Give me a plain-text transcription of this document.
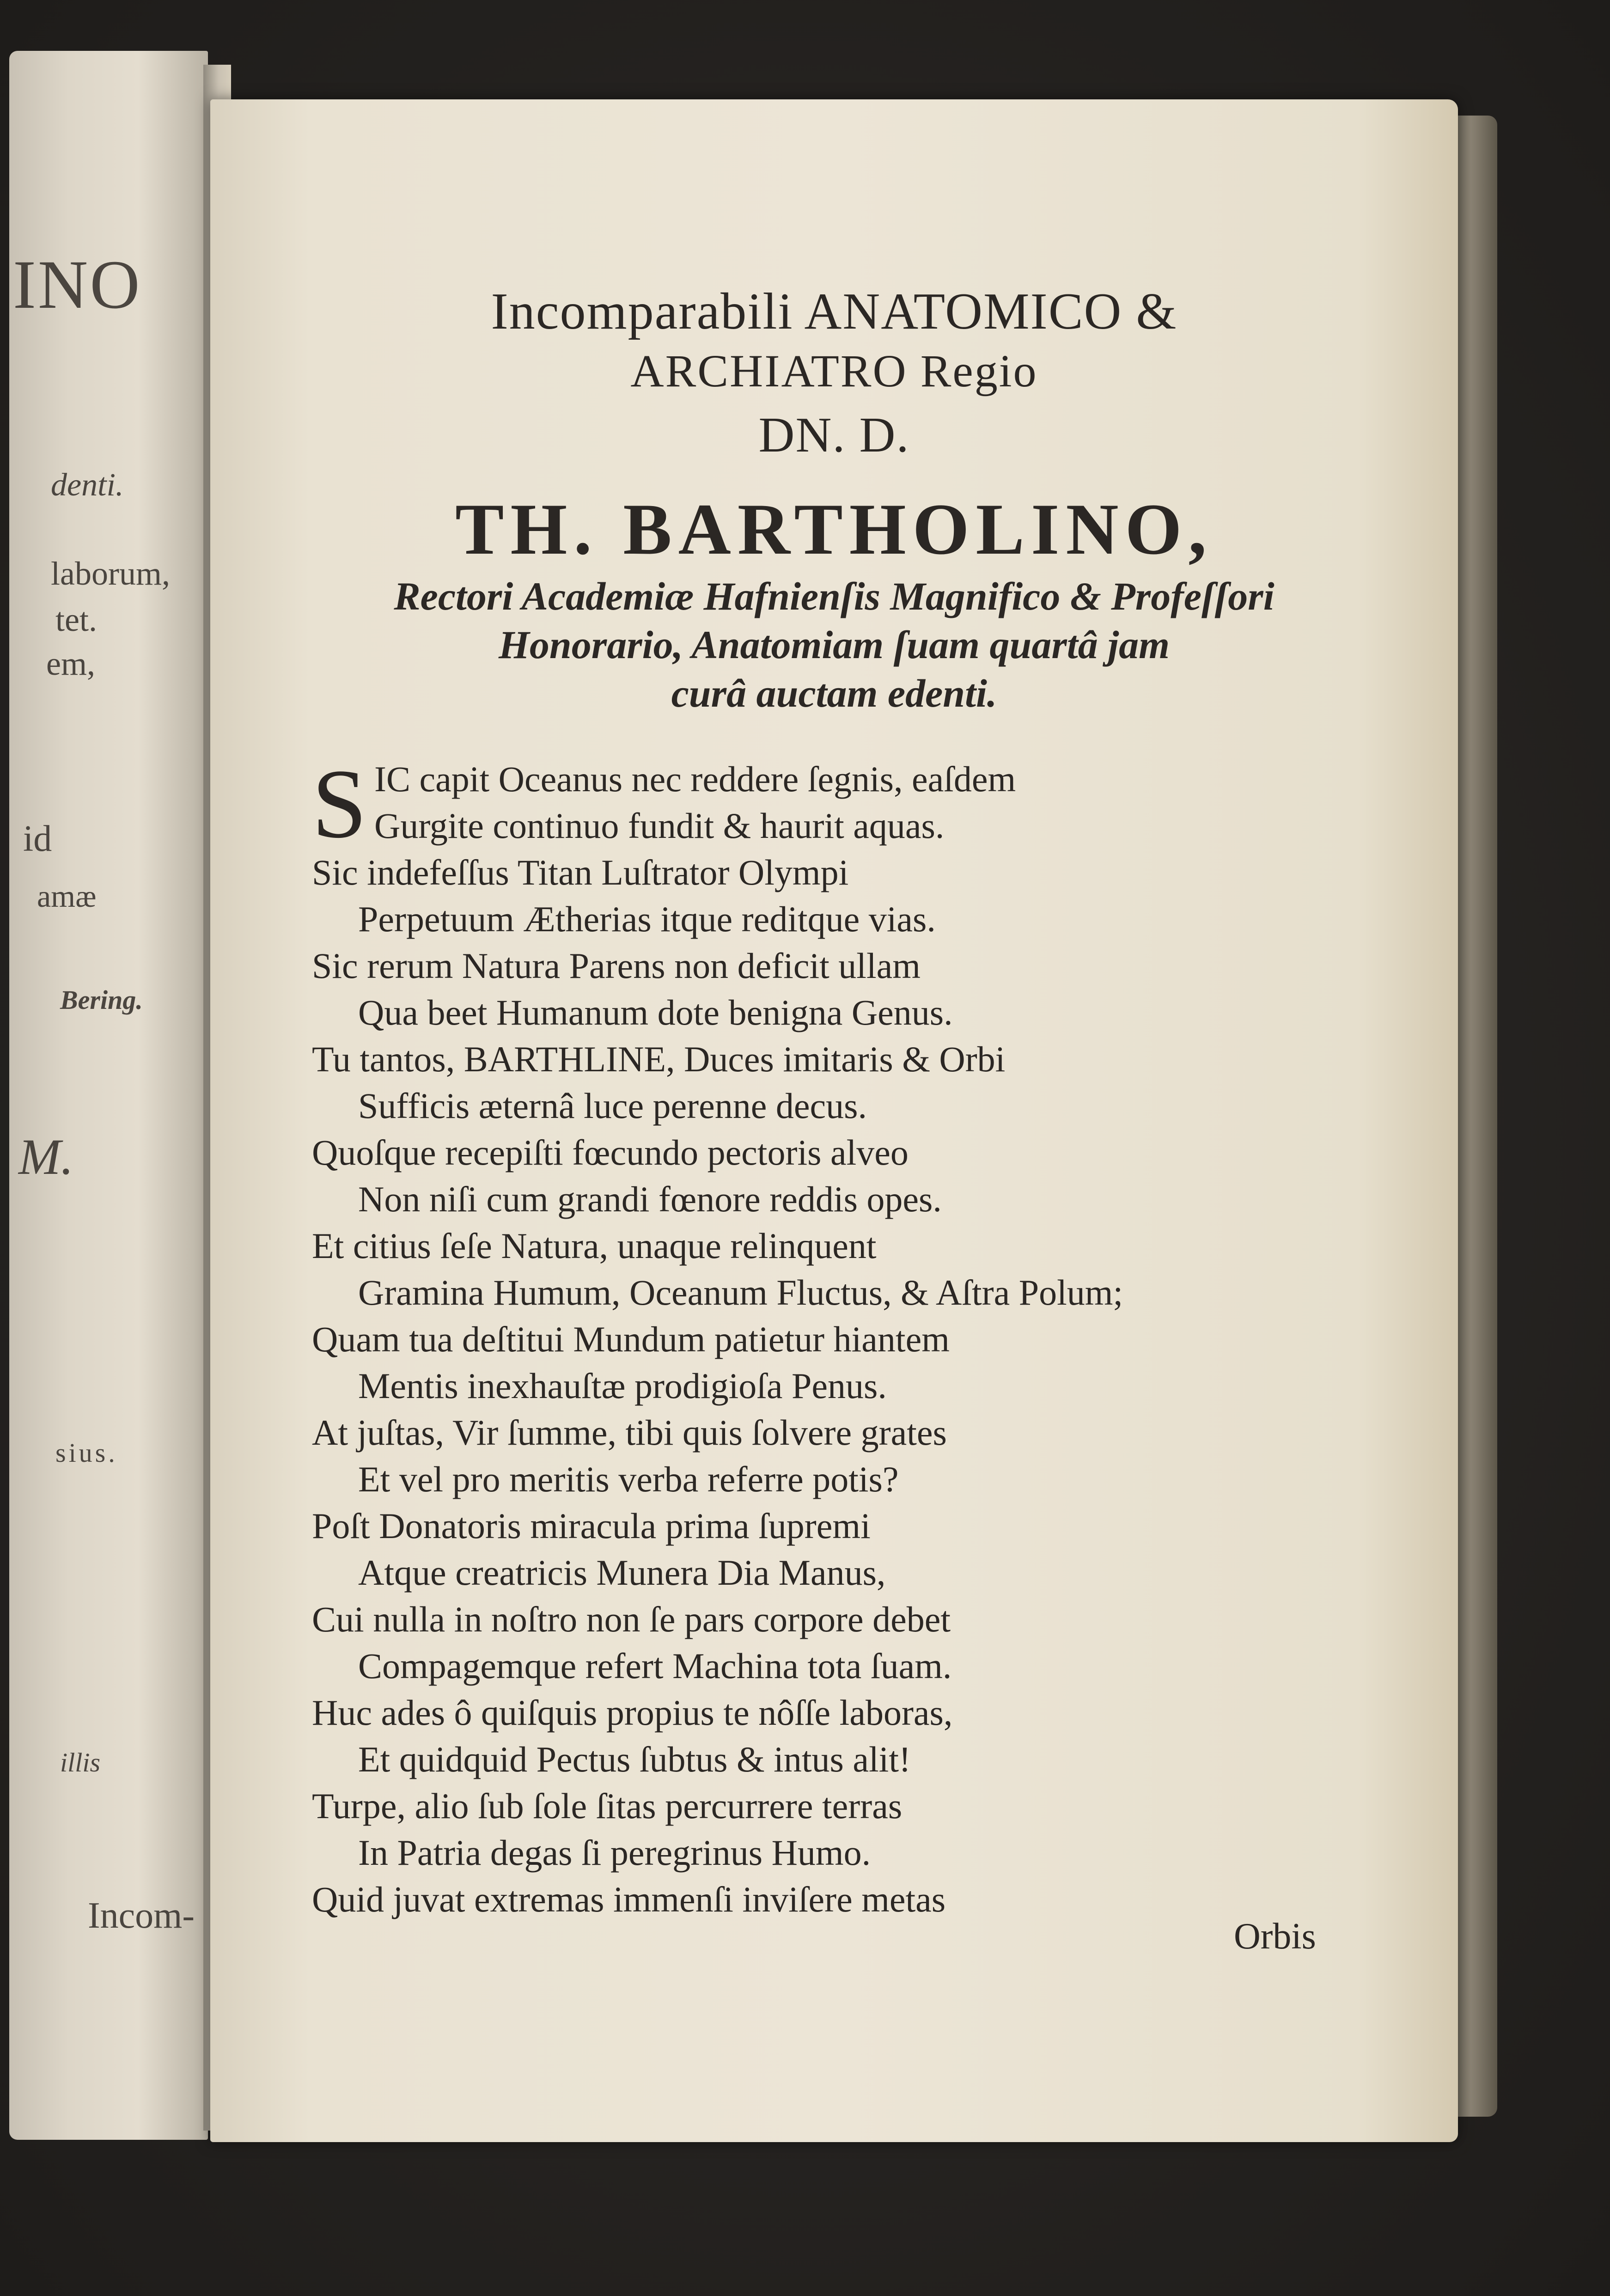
INO
denti.
laborum,
tet.
em,
id
amæ
Bering.
M.
sius.
illis
Incom-
Incomparabili ANATOMICO &
ARCHIATRO Regio
DN. D.
TH. BARTHOLINO,
Rectori Academiæ Hafnienſis Magnifico & Profeſſori
Honorario, Anatomiam ſuam quartâ jam
curâ auctam edenti.
S IC capit Oceanus nec reddere ſegnis, eaſdem
Gurgite continuo fundit & haurit aquas.
Sic indefeſſus Titan Luſtrator Olympi
Perpetuum Ætherias itque reditque vias.
Sic rerum Natura Parens non deficit ullam
Qua beet Humanum dote benigna Genus.
Tu tantos, BARTHLINE, Duces imitaris & Orbi
Sufficis æternâ luce perenne decus.
Quoſque recepiſti fœcundo pectoris alveo
Non niſi cum grandi fœnore reddis opes.
Et citius ſeſe Natura, unaque relinquent
Gramina Humum, Oceanum Fluctus, & Aſtra Polum;
Quam tua deſtitui Mundum patietur hiantem
Mentis inexhauſtæ prodigioſa Penus.
At juſtas, Vir ſumme, tibi quis ſolvere grates
Et vel pro meritis verba referre potis?
Poſt Donatoris miracula prima ſupremi
Atque creatricis Munera Dia Manus,
Cui nulla in noſtro non ſe pars corpore debet
Compagemque refert Machina tota ſuam.
Huc ades ô quiſquis propius te nôſſe laboras,
Et quidquid Pectus ſubtus & intus alit!
Turpe, alio ſub ſole ſitas percurrere terras
In Patria degas ſi peregrinus Humo.
Quid juvat extremas immenſi inviſere metas
Orbis
